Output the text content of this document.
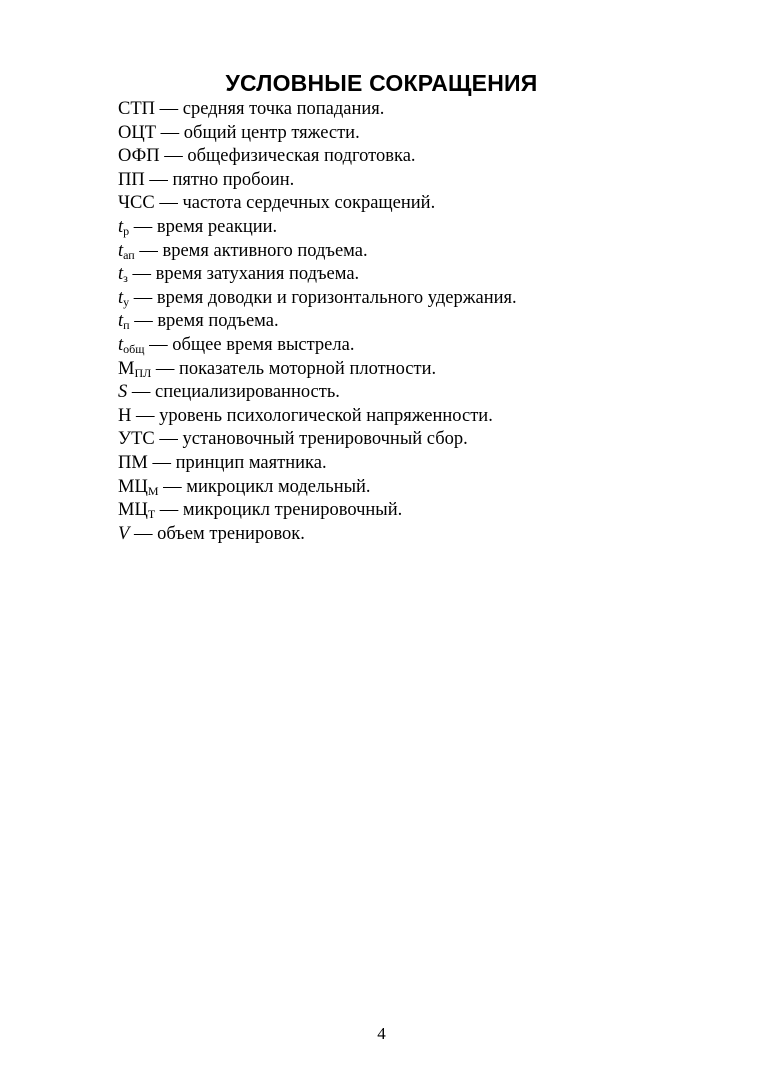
УСЛОВНЫЕ СОКРАЩЕНИЯ
СТП — средняя точка попадания.
ОЦТ — общий центр тяжести.
ОФП — общефизическая подготовка.
ПП — пятно пробоин.
ЧСС — частота сердечных сокращений.
tр — время реакции.
tап — время активного подъема.
tз — время затухания подъема.
tу — время доводки и горизонтального удержания.
tп — время подъема.
tобщ — общее время выстрела.
МПЛ — показатель моторной плотности.
S — специализированность.
Н — уровень психологической напряженности.
УТС — установочный тренировочный сбор.
ПМ — принцип маятника.
МЦМ — микроцикл модельный.
МЦТ — микроцикл тренировочный.
V — объем тренировок.
4
